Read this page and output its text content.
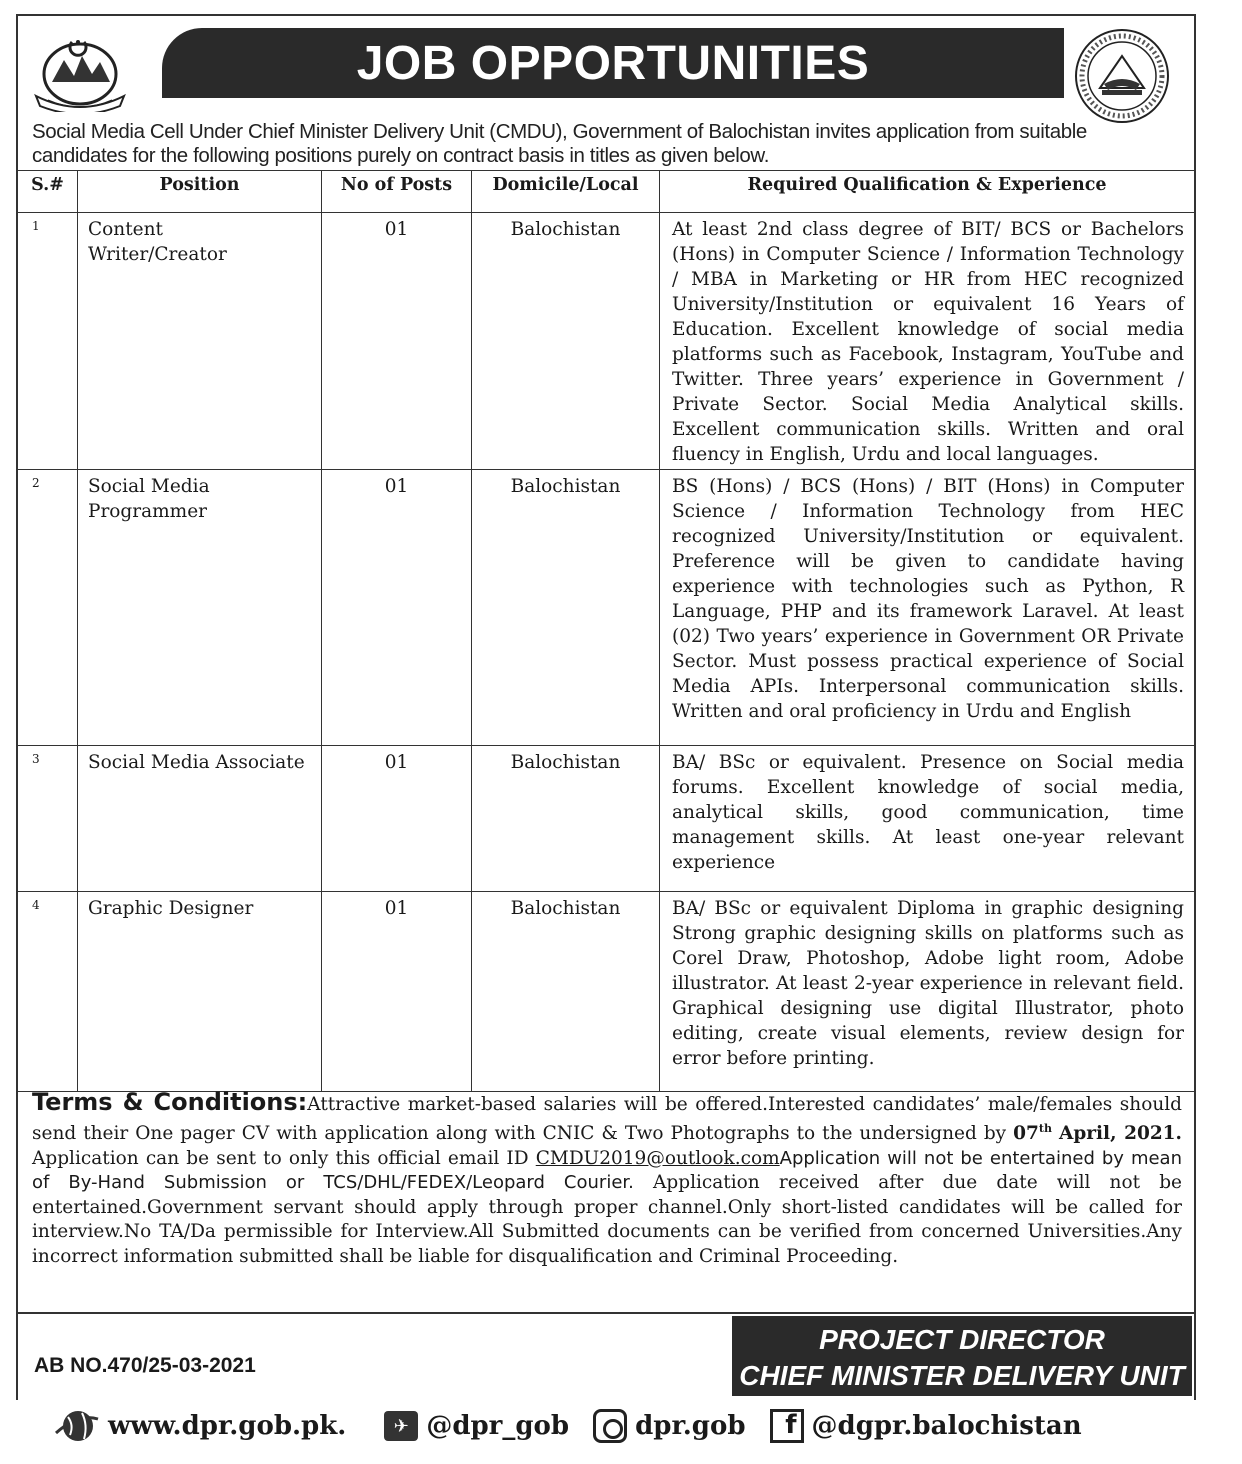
JOB OPPORTUNITIES
Social Media Cell Under Chief Minister Delivery Unit (CMDU), Government of Balochistan invites application from suitable
candidates for the following positions purely on contract basis in titles as given below.
S.#	Position	No of Posts	Domicile/Local	Required Qualification & Experience
1	Content Writer/Creator	01	Balochistan	At least 2nd class degree of BIT/ BCS or Bachelors (Hons) in Computer Science / Information Technology / MBA in Marketing or HR from HEC recognized University/Institution or equivalent 16 Years of Education. Excellent knowledge of social media platforms such as Facebook, Instagram, YouTube and Twitter. Three years’ experience in Government / Private Sector. Social Media Analytical skills. Excellent communication skills. Written and oral fluency in English, Urdu and local languages.
2	Social Media Programmer	01	Balochistan	BS (Hons) / BCS (Hons) / BIT (Hons) in Computer Science / Information Technology from HEC recognized University/Institution or equivalent. Preference will be given to candidate having experience with technologies such as Python, R Language, PHP and its framework Laravel. At least (02) Two years’ experience in Government OR Private Sector. Must possess practical experience of Social Media APIs. Interpersonal communication skills. Written and oral proficiency in Urdu and English
3	Social Media Associate	01	Balochistan	BA/ BSc or equivalent. Presence on Social media forums. Excellent knowledge of social media, analytical skills, good communication, time management skills. At least one-year relevant experience
4	Graphic Designer	01	Balochistan	BA/ BSc or equivalent Diploma in graphic designing Strong graphic designing skills on platforms such as Corel Draw, Photoshop, Adobe light room, Adobe illustrator. At least 2-year experience in relevant field. Graphical designing use digital Illustrator, photo editing, create visual elements, review design for error before printing.
Terms & Conditions:Attractive market-based salaries will be offered.Interested candidates’ male/females should send their One pager CV with application along with CNIC & Two Photographs to the undersigned by 07th April, 2021. Application can be sent to only this official email ID CMDU2019@outlook.comApplication will not be entertained by mean of By-Hand Submission or TCS/DHL/FEDEX/Leopard Courier. Application received after due date will not be entertained.Government servant should apply through proper channel.Only short-listed candidates will be called for interview.No TA/Da permissible for Interview.All Submitted documents can be verified from concerned Universities.Any incorrect information submitted shall be liable for disqualification and Criminal Proceeding.
AB NO.470/25-03-2021
PROJECT DIRECTOR
CHIEF MINISTER DELIVERY UNIT
www.dpr.gob.pk.	✈ @dpr_gob	dpr.gob	f @dgpr.balochistan
